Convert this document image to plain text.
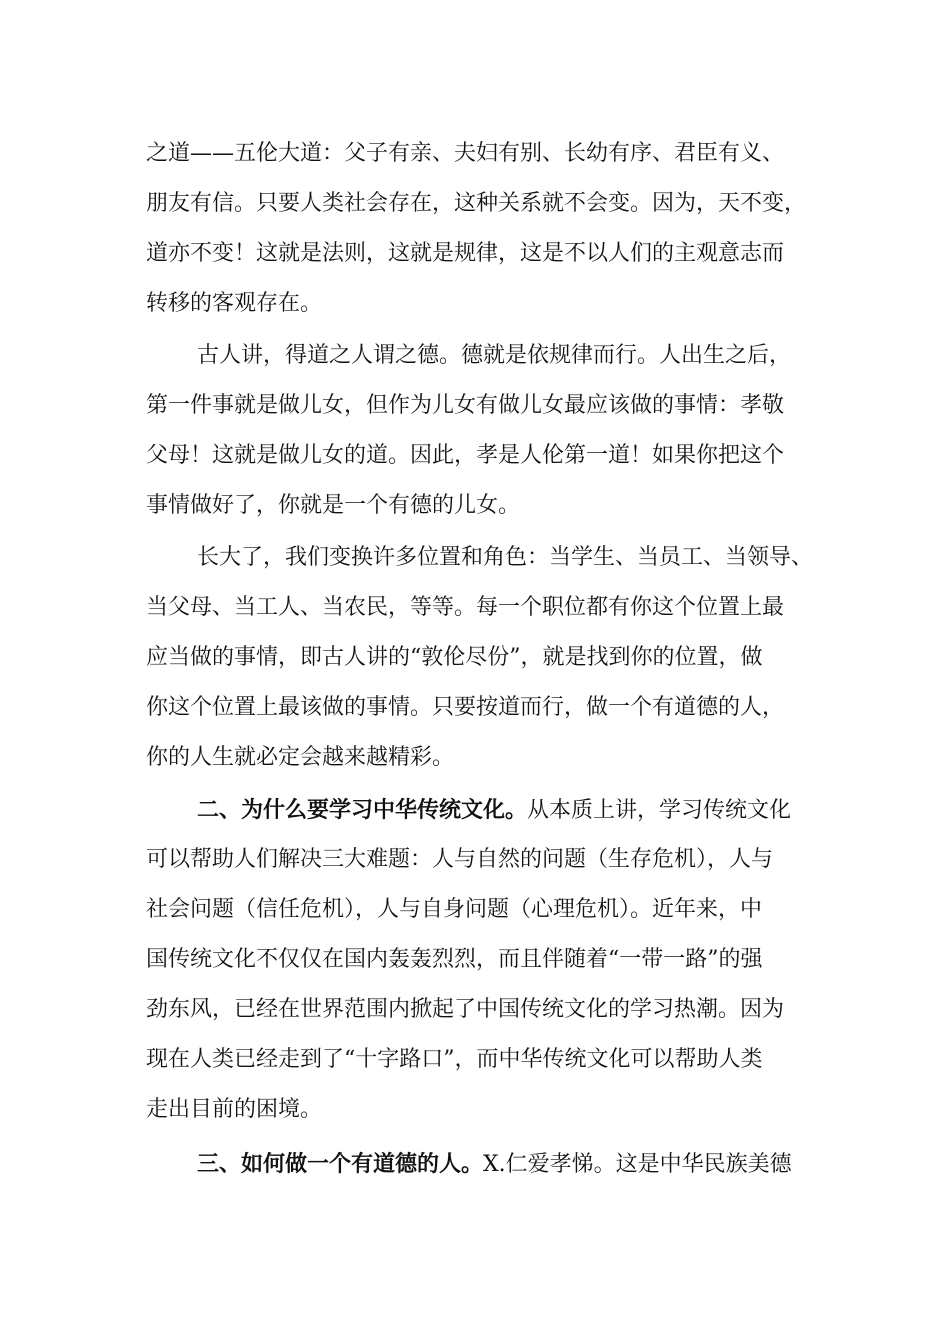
之道——五伦大道：父子有亲、夫妇有别、长幼有序、君臣有义、
朋友有信。只要人类社会存在，这种关系就不会变。因为，天不变，
道亦不变！这就是法则，这就是规律，这是不以人们的主观意志而
转移的客观存在。
古人讲，得道之人谓之德。德就是依规律而行。人出生之后，
第一件事就是做儿女，但作为儿女有做儿女最应该做的事情：孝敬
父母！这就是做儿女的道。因此，孝是人伦第一道！如果你把这个
事情做好了，你就是一个有德的儿女。
长大了，我们变换许多位置和角色：当学生、当员工、当领导、
当父母、当工人、当农民，等等。每一个职位都有你这个位置上最
应当做的事情，即古人讲的“敦伦尽份”，就是找到你的位置，做
你这个位置上最该做的事情。只要按道而行，做一个有道德的人，
你的人生就必定会越来越精彩。
二、为什么要学习中华传统文化。从本质上讲，学习传统文化
可以帮助人们解决三大难题：人与自然的问题（生存危机），人与
社会问题（信任危机），人与自身问题（心理危机）。近年来，中
国传统文化不仅仅在国内轰轰烈烈，而且伴随着“一带一路”的强
劲东风，已经在世界范围内掀起了中国传统文化的学习热潮。因为
现在人类已经走到了“十字路口”，而中华传统文化可以帮助人类
走出目前的困境。
三、如何做一个有道德的人。X.仁爱孝悌。这是中华民族美德
